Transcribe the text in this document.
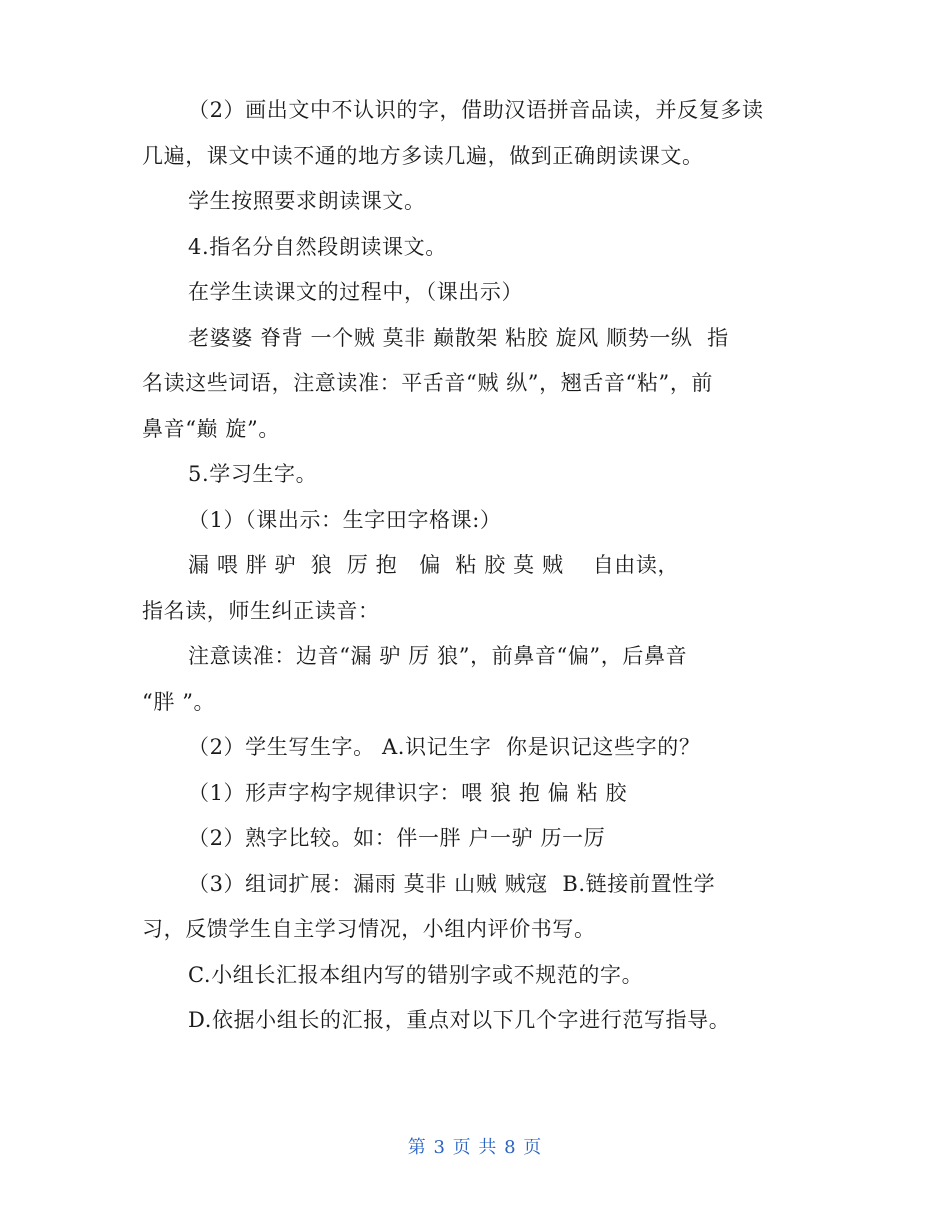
（2）画出文中不认识的字，借助汉语拼音品读，并反复多读
几遍，课文中读不通的地方多读几遍，做到正确朗读课文。
学生按照要求朗读课文。
4.指名分自然段朗读课文。
在学生读课文的过程中，（课出示）
老婆婆 脊背 一个贼 莫非 巅散架 粘胶 旋风 顺势一纵  指
名读这些词语，注意读准：平舌音“贼 纵”，翘舌音“粘”，前
鼻音“巅 旋”。
5.学习生字。
（1）（课出示：生字田字格课:）
漏 喂 胖 驴  狼  厉 抱   偏  粘 胶 莫 贼    自由读，
指名读，师生纠正读音：
注意读准：边音“漏 驴 厉 狼”，前鼻音“偏”，后鼻音
“胖 ”。
（2）学生写生字。 A.识记生字  你是识记这些字的？
（1）形声字构字规律识字：喂 狼 抱 偏 粘 胶
（2）熟字比较。如：伴一胖 户一驴 历一厉
（3）组词扩展：漏雨 莫非 山贼 贼寇  B.链接前置性学
习，反馈学生自主学习情况，小组内评价书写。
C.小组长汇报本组内写的错别字或不规范的字。
D.依据小组长的汇报，重点对以下几个字进行范写指导。
第 3 页 共 8 页
